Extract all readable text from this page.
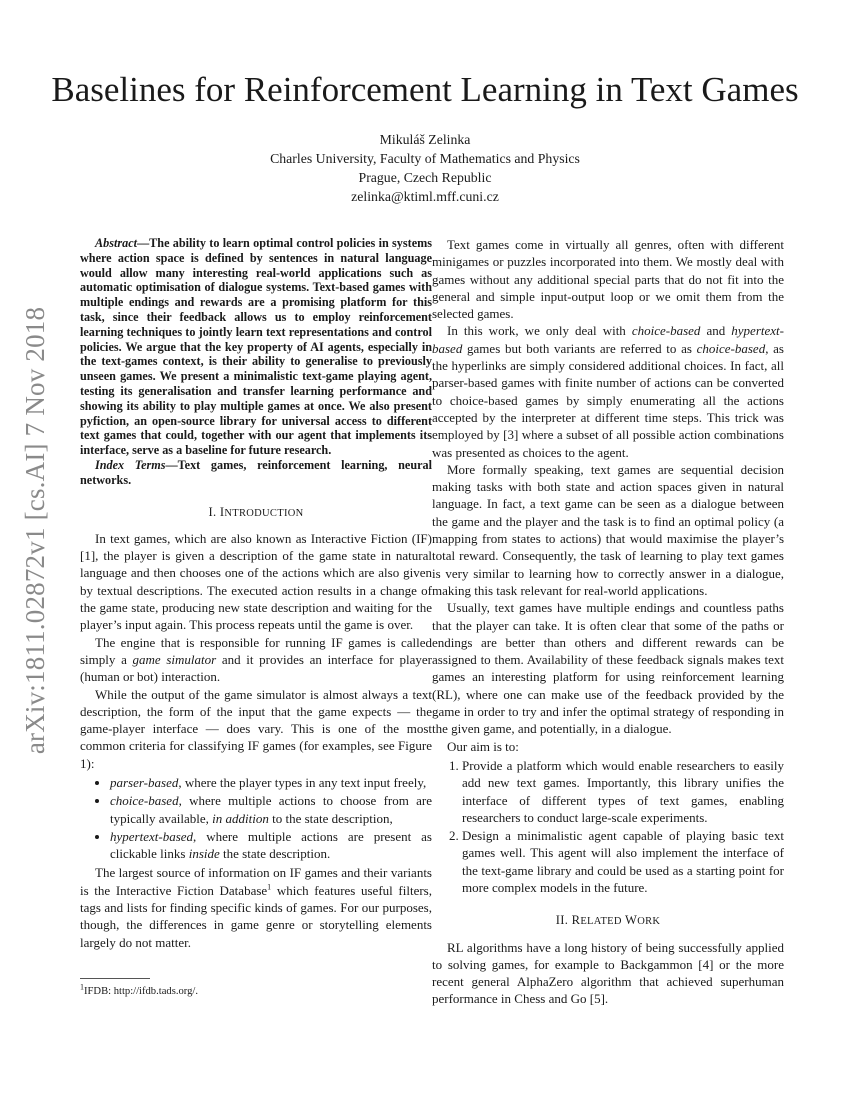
arXiv:1811.02872v1 [cs.AI] 7 Nov 2018
Baselines for Reinforcement Learning in Text Games
Mikuláš Zelinka
Charles University, Faculty of Mathematics and Physics
Prague, Czech Republic
zelinka@ktiml.mff.cuni.cz

Abstract—The ability to learn optimal control policies in systems where action space is defined by sentences in natural language would allow many interesting real-world applications such as automatic optimisation of dialogue systems. Text-based games with multiple endings and rewards are a promising platform for this task, since their feedback allows us to employ reinforcement learning techniques to jointly learn text representations and control policies. We argue that the key property of AI agents, especially in the text-games context, is their ability to generalise to previously unseen games. We present a minimalistic text-game playing agent, testing its generalisation and transfer learning performance and showing its ability to play multiple games at once. We also present pyfiction, an open-source library for universal access to different text games that could, together with our agent that implements its interface, serve as a baseline for future research.

Index Terms—Text games, reinforcement learning, neural networks.

I. INTRODUCTION

In text games, which are also known as Interactive Fiction (IF) [1], the player is given a description of the game state in natural language and then chooses one of the actions which are also given by textual descriptions. The executed action results in a change of the game state, producing new state description and waiting for the player’s input again. This process repeats until the game is over.

The engine that is responsible for running IF games is called simply a game simulator and it provides an interface for player (human or bot) interaction.

While the output of the game simulator is almost always a text description, the form of the input that the game expects — the game-player interface — does vary. This is one of the most common criteria for classifying IF games (for examples, see Figure 1):

• parser-based, where the player types in any text input freely,
• choice-based, where multiple actions to choose from are typically available, in addition to the state description,
• hypertext-based, where multiple actions are present as clickable links inside the state description.

The largest source of information on IF games and their variants is the Interactive Fiction Database$^1$ which features useful filters, tags and lists for finding specific kinds of games. For our purposes, though, the differences in game genre or storytelling elements largely do not matter.

$^1$IFDB: http://ifdb.tads.org/.

Text games come in virtually all genres, often with different minigames or puzzles incorporated into them. We mostly deal with games without any additional special parts that do not fit into the general and simple input-output loop or we omit them from the selected games.

In this work, we only deal with choice-based and hypertext-based games but both variants are referred to as choice-based, as the hyperlinks are simply considered additional choices. In fact, all parser-based games with finite number of actions can be converted to choice-based games by simply enumerating all the actions accepted by the interpreter at different time steps. This trick was employed by [3] where a subset of all possible action combinations was presented as choices to the agent.

More formally speaking, text games are sequential decision making tasks with both state and action spaces given in natural language. In fact, a text game can be seen as a dialogue between the game and the player and the task is to find an optimal policy (a mapping from states to actions) that would maximise the player’s total reward. Consequently, the task of learning to play text games is very similar to learning how to correctly answer in a dialogue, making this task relevant for real-world applications.

Usually, text games have multiple endings and countless paths that the player can take. It is often clear that some of the paths or endings are better than others and different rewards can be assigned to them. Availability of these feedback signals makes text games an interesting platform for using reinforcement learning (RL), where one can make use of the feedback provided by the game in order to try and infer the optimal strategy of responding in the given game, and potentially, in a dialogue.

Our aim is to:

1. Provide a platform which would enable researchers to easily add new text games. Importantly, this library unifies the interface of different types of text games, enabling researchers to conduct large-scale experiments.
2. Design a minimalistic agent capable of playing basic text games well. This agent will also implement the interface of the text-game library and could be used as a starting point for more complex models in the future.
II. RELATED WORK

RL algorithms have a long history of being successfully applied to solving games, for example to Backgammon [4] or the more recent general AlphaZero algorithm that achieved superhuman performance in Chess and Go [5].
